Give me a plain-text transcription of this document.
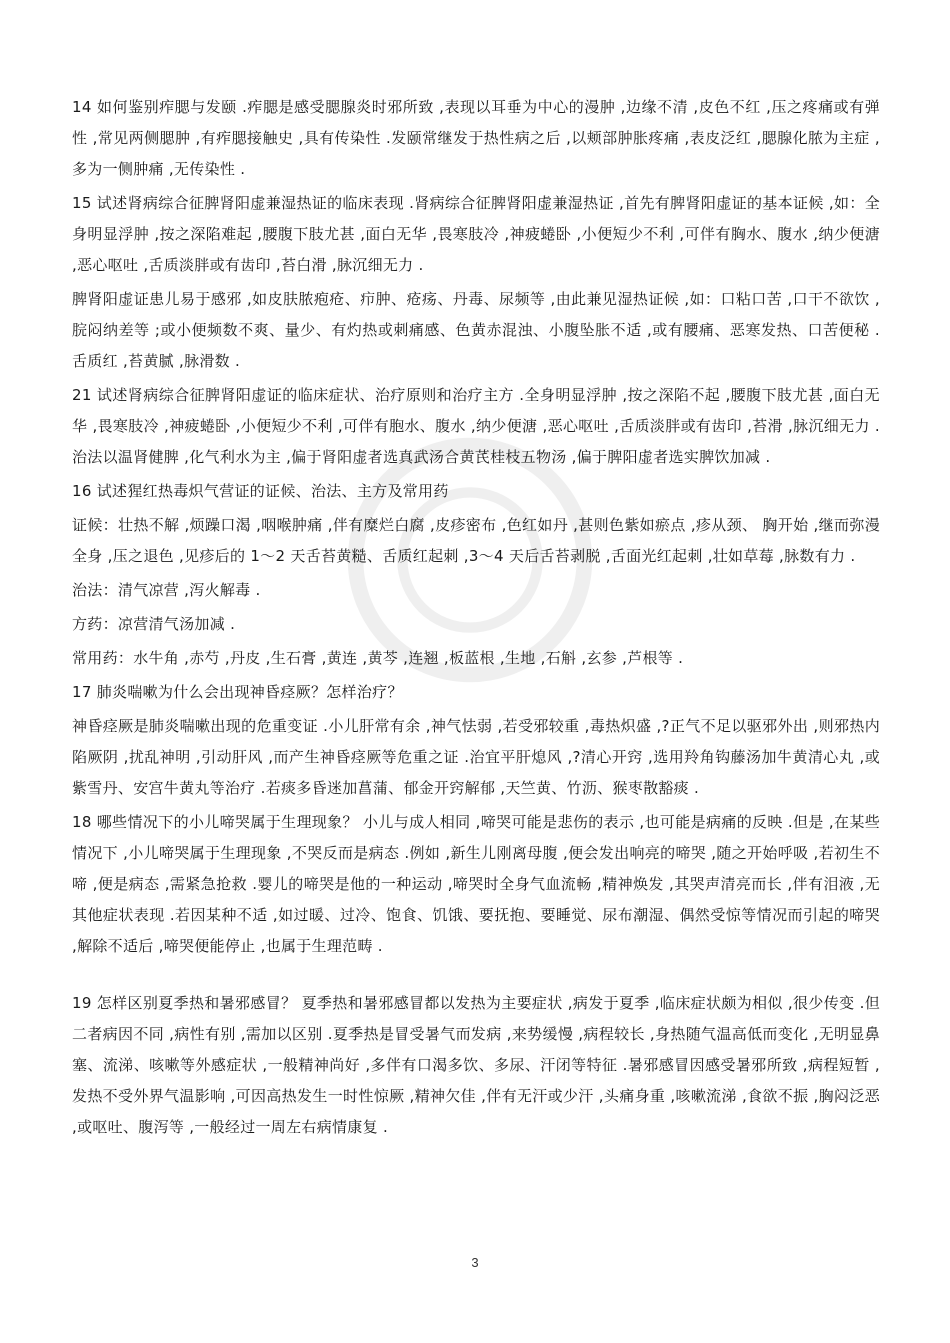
14 如何鉴别痄腮与发颐 .痄腮是感受腮腺炎时邪所致 ,表现以耳垂为中心的漫肿 ,边缘不清 ,皮色不红 ,压之疼痛或有弹性 ,常见两侧腮肿 ,有痄腮接触史 ,具有传染性 .发颐常继发于热性病之后 ,以颊部肿胀疼痛 ,表皮泛红 ,腮腺化脓为主症 ,多为一侧肿痛 ,无传染性 .

15 试述肾病综合征脾肾阳虚兼湿热证的临床表现 .肾病综合征脾肾阳虚兼湿热证 ,首先有脾肾阳虚证的基本证候 ,如：全身明显浮肿 ,按之深陷难起 ,腰腹下肢尤甚 ,面白无华 ,畏寒肢冷 ,神疲蜷卧 ,小便短少不利 ,可伴有胸水、腹水 ,纳少便溏 ,恶心呕吐 ,舌质淡胖或有齿印 ,苔白滑 ,脉沉细无力 .

脾肾阳虚证患儿易于感邪 ,如皮肤脓疱疮、疖肿、疮疡、丹毒、尿频等 ,由此兼见湿热证候 ,如：口粘口苦 ,口干不欲饮 ,脘闷纳差等 ;或小便频数不爽、量少、有灼热或刺痛感、色黄赤混浊、小腹坠胀不适 ,或有腰痛、恶寒发热、口苦便秘 .舌质红 ,苔黄腻 ,脉滑数 .

21 试述肾病综合征脾肾阳虚证的临床症状、治疗原则和治疗主方 .全身明显浮肿 ,按之深陷不起 ,腰腹下肢尤甚 ,面白无华 ,畏寒肢冷 ,神疲蜷卧 ,小便短少不利 ,可伴有胞水、腹水 ,纳少便溏 ,恶心呕吐 ,舌质淡胖或有齿印 ,苔滑 ,脉沉细无力 .治法以温肾健脾 ,化气利水为主 ,偏于肾阳虚者选真武汤合黄芪桂枝五物汤 ,偏于脾阳虚者选实脾饮加减 .

16 试述猩红热毒炽气营证的证候、治法、主方及常用药

证候：壮热不解 ,烦躁口渴 ,咽喉肿痛 ,伴有糜烂白腐 ,皮疹密布 ,色红如丹 ,甚则色紫如瘀点 ,疹从颈、 胸开始 ,继而弥漫全身 ,压之退色 ,见疹后的 1～2 天舌苔黄糙、舌质红起刺 ,3～4 天后舌苔剥脱 ,舌面光红起刺 ,壮如草莓 ,脉数有力 .

治法：清气凉营 ,泻火解毒 .

方药：凉营清气汤加减 .

常用药：水牛角 ,赤芍 ,丹皮 ,生石膏 ,黄连 ,黄芩 ,连翘 ,板蓝根 ,生地 ,石斛 ,玄参 ,芦根等 .

17 肺炎喘嗽为什么会出现神昏痉厥？怎样治疗？

神昏痉厥是肺炎喘嗽出现的危重变证 .小儿肝常有余 ,神气怯弱 ,若受邪较重 ,毒热炽盛 ,?正气不足以驱邪外出 ,则邪热内陷厥阴 ,扰乱神明 ,引动肝风 ,而产生神昏痉厥等危重之证 .治宜平肝熄风 ,?清心开窍 ,选用羚角钩藤汤加牛黄清心丸 ,或紫雪丹、安宫牛黄丸等治疗 .若痰多昏迷加菖蒲、郁金开窍解郁 ,天竺黄、竹沥、猴枣散豁痰 .

18 哪些情况下的小儿啼哭属于生理现象？ 小儿与成人相同 ,啼哭可能是悲伤的表示 ,也可能是病痛的反映 .但是 ,在某些情况下 ,小儿啼哭属于生理现象 ,不哭反而是病态 .例如 ,新生儿刚离母腹 ,便会发出响亮的啼哭 ,随之开始呼吸 ,若初生不啼 ,便是病态 ,需紧急抢救 .婴儿的啼哭是他的一种运动 ,啼哭时全身气血流畅 ,精神焕发 ,其哭声清亮而长 ,伴有泪液 ,无其他症状表现 .若因某种不适 ,如过暖、过冷、饱食、饥饿、要抚抱、要睡觉、尿布潮湿、偶然受惊等情况而引起的啼哭 ,解除不适后 ,啼哭便能停止 ,也属于生理范畴 .

19 怎样区别夏季热和暑邪感冒？ 夏季热和暑邪感冒都以发热为主要症状 ,病发于夏季 ,临床症状颇为相似 ,很少传变 .但二者病因不同 ,病性有别 ,需加以区别 .夏季热是冒受暑气而发病 ,来势缓慢 ,病程较长 ,身热随气温高低而变化 ,无明显鼻塞、流涕、咳嗽等外感症状 ,一般精神尚好 ,多伴有口渴多饮、多尿、汗闭等特征 .暑邪感冒因感受暑邪所致 ,病程短暂 ,发热不受外界气温影响 ,可因高热发生一时性惊厥 ,精神欠佳 ,伴有无汗或少汗 ,头痛身重 ,咳嗽流涕 ,食欲不振 ,胸闷泛恶 ,或呕吐、腹泻等 ,一般经过一周左右病情康复 .

3
